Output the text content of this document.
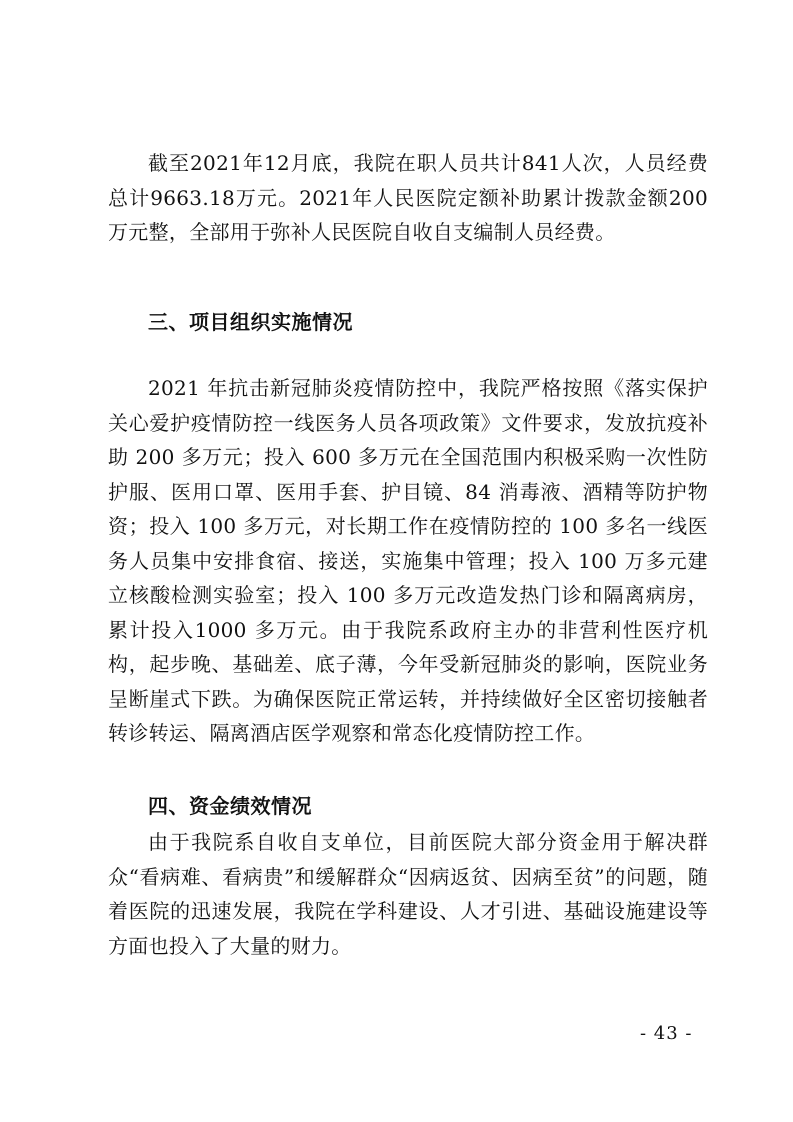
截至2021年12月底，我院在职人员共计841人次，人员经费总计9663.18万元。2021年人民医院定额补助累计拨款金额200万元整，全部用于弥补人民医院自收自支编制人员经费。

三、项目组织实施情况

2021 年抗击新冠肺炎疫情防控中，我院严格按照《落实保护关心爱护疫情防控一线医务人员各项政策》文件要求，发放抗疫补助 200 多万元；投入 600 多万元在全国范围内积极采购一次性防护服、医用口罩、医用手套、护目镜、84 消毒液、酒精等防护物资；投入 100 多万元，对长期工作在疫情防控的 100 多名一线医务人员集中安排食宿、接送，实施集中管理；投入 100 万多元建立核酸检测实验室；投入 100 多万元改造发热门诊和隔离病房，累计投入1000 多万元。由于我院系政府主办的非营利性医疗机构，起步晚、基础差、底子薄，今年受新冠肺炎的影响，医院业务呈断崖式下跌。为确保医院正常运转，并持续做好全区密切接触者转诊转运、隔离酒店医学观察和常态化疫情防控工作。

四、资金绩效情况

由于我院系自收自支单位，目前医院大部分资金用于解决群众“看病难、看病贵”和缓解群众“因病返贫、因病至贫”的问题，随着医院的迅速发展，我院在学科建设、人才引进、基础设施建设等方面也投入了大量的财力。

- 43 -
